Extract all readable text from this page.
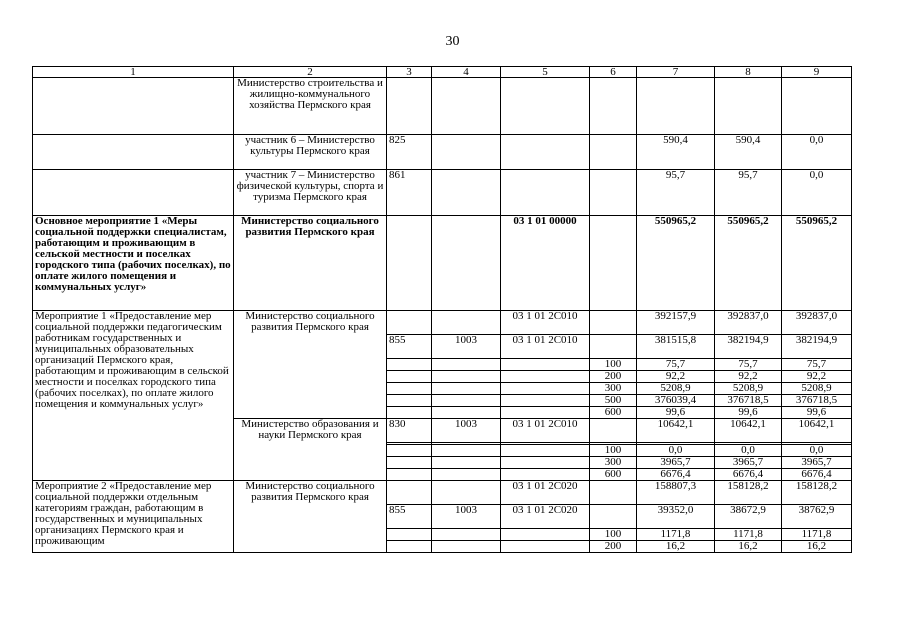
30
1	2	3	4	5	6	7	8	9
	Министерство строительства и жилищно-коммунального хозяйства Пермского края							
	участник 6 – Министерство культуры Пермского края	825				590,4	590,4	0,0
	участник 7 – Министерство физической культуры, спорта и туризма Пермского края	861				95,7	95,7	0,0
Основное мероприятие 1 «Меры социальной поддержки специалистам, работающим и проживающим в сельской местности и поселках городского типа (рабочих поселках), по оплате жилого помещения и коммунальных услуг»	Министерство социального развития Пермского края			03 1 01 00000		550965,2	550965,2	550965,2
Мероприятие 1 «Предоставление мер социальной поддержки педагогическим работникам государственных и муниципальных образовательных организаций Пермского края, работающим и проживающим в сельской местности и поселках городского типа (рабочих поселках), по оплате жилого помещения и коммунальных услуг»	Министерство социального развития Пермского края			03 1 01 2С010		392157,9	392837,0	392837,0
		855	1003	03 1 01 2С010		381515,8	382194,9	382194,9
					100	75,7	75,7	75,7
					200	92,2	92,2	92,2
					300	5208,9	5208,9	5208,9
					500	376039,4	376718,5	376718,5
					600	99,6	99,6	99,6
	Министерство образования и науки Пермского края	830	1003	03 1 01 2С010		10642,1	10642,1	10642,1

					100	0,0	0,0	0,0
					300	3965,7	3965,7	3965,7
					600	6676,4	6676,4	6676,4
Мероприятие 2 «Предоставление мер социальной поддержки отдельным категориям граждан, работающим в государственных и муниципальных организациях Пермского края и проживающим	Министерство социального развития Пермского края			03 1 01 2С020		158807,3	158128,2	158128,2
		855	1003	03 1 01 2С020		39352,0	38672,9	38762,9
					100	1171,8	1171,8	1171,8
					200	16,2	16,2	16,2
